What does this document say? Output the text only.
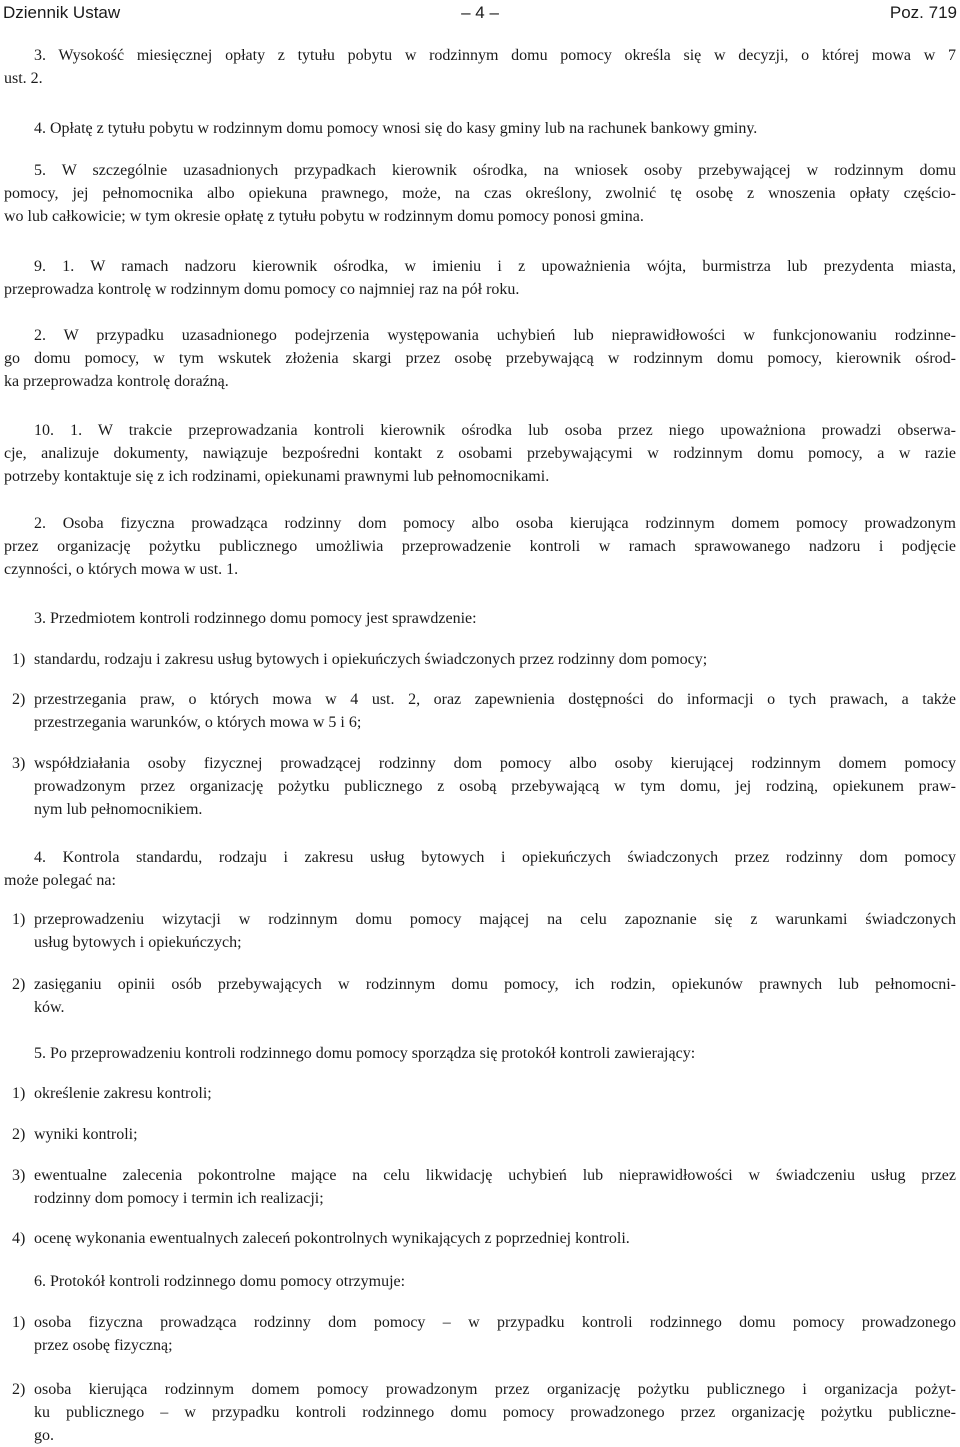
Dziennik Ustaw	– 4 –	Poz. 719
3. Wysokość miesięcznej opłaty z tytułu pobytu w rodzinnym domu pomocy określa się w decyzji, o której mowa w 7
ust. 2.
4. Opłatę z tytułu pobytu w rodzinnym domu pomocy wnosi się do kasy gminy lub na rachunek bankowy gminy.
5. W szczególnie uzasadnionych przypadkach kierownik ośrodka, na wniosek osoby przebywającej w rodzinnym domu
pomocy, jej pełnomocnika albo opiekuna prawnego, może, na czas określony, zwolnić tę osobę z wnoszenia opłaty częścio-
wo lub całkowicie; w tym okresie opłatę z tytułu pobytu w rodzinnym domu pomocy ponosi gmina.
9. 1. W ramach nadzoru kierownik ośrodka, w imieniu i z upoważnienia wójta, burmistrza lub prezydenta miasta,
przeprowadza kontrolę w rodzinnym domu pomocy co najmniej raz na pół roku.
2. W przypadku uzasadnionego podejrzenia występowania uchybień lub nieprawidłowości w funkcjonowaniu rodzinne-
go domu pomocy, w tym wskutek złożenia skargi przez osobę przebywającą w rodzinnym domu pomocy, kierownik ośrod-
ka przeprowadza kontrolę doraźną.
10. 1. W trakcie przeprowadzania kontroli kierownik ośrodka lub osoba przez niego upoważniona prowadzi obserwa-
cje, analizuje dokumenty, nawiązuje bezpośredni kontakt z osobami przebywającymi w rodzinnym domu pomocy, a w razie
potrzeby kontaktuje się z ich rodzinami, opiekunami prawnymi lub pełnomocnikami.
2. Osoba fizyczna prowadząca rodzinny dom pomocy albo osoba kierująca rodzinnym domem pomocy prowadzonym
przez organizację pożytku publicznego umożliwia przeprowadzenie kontroli w ramach sprawowanego nadzoru i podjęcie
czynności, o których mowa w ust. 1.
3. Przedmiotem kontroli rodzinnego domu pomocy jest sprawdzenie:
1) standardu, rodzaju i zakresu usług bytowych i opiekuńczych świadczonych przez rodzinny dom pomocy;
2) przestrzegania praw, o których mowa w 4 ust. 2, oraz zapewnienia dostępności do informacji o tych prawach, a także
przestrzegania warunków, o których mowa w 5 i 6;
3) współdziałania osoby fizycznej prowadzącej rodzinny dom pomocy albo osoby kierującej rodzinnym domem pomocy
prowadzonym przez organizację pożytku publicznego z osobą przebywającą w tym domu, jej rodziną, opiekunem praw-
nym lub pełnomocnikiem.
4. Kontrola standardu, rodzaju i zakresu usług bytowych i opiekuńczych świadczonych przez rodzinny dom pomocy
może polegać na:
1) przeprowadzeniu wizytacji w rodzinnym domu pomocy mającej na celu zapoznanie się z warunkami świadczonych
usług bytowych i opiekuńczych;
2) zasięganiu opinii osób przebywających w rodzinnym domu pomocy, ich rodzin, opiekunów prawnych lub pełnomocni-
ków.
5. Po przeprowadzeniu kontroli rodzinnego domu pomocy sporządza się protokół kontroli zawierający:
1) określenie zakresu kontroli;
2) wyniki kontroli;
3) ewentualne zalecenia pokontrolne mające na celu likwidację uchybień lub nieprawidłowości w świadczeniu usług przez
rodzinny dom pomocy i termin ich realizacji;
4) ocenę wykonania ewentualnych zaleceń pokontrolnych wynikających z poprzedniej kontroli.
6. Protokół kontroli rodzinnego domu pomocy otrzymuje:
1) osoba fizyczna prowadząca rodzinny dom pomocy – w przypadku kontroli rodzinnego domu pomocy prowadzonego
przez osobę fizyczną;
2) osoba kierująca rodzinnym domem pomocy prowadzonym przez organizację pożytku publicznego i organizacja pożyt-
ku publicznego – w przypadku kontroli rodzinnego domu pomocy prowadzonego przez organizację pożytku publiczne-
go.
